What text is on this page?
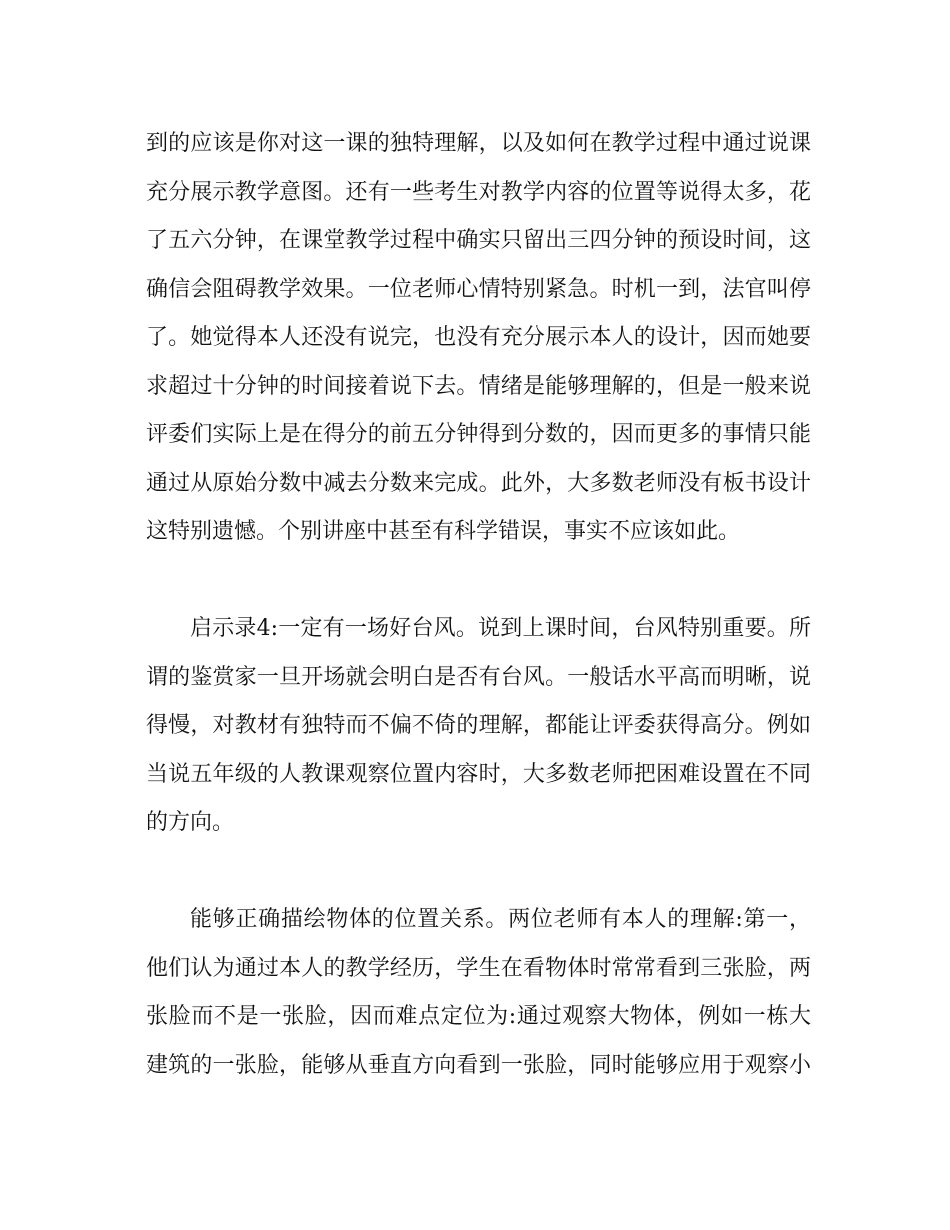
到的应该是你对这一课的独特理解，以及如何在教学过程中通过说课
充分展示教学意图。还有一些考生对教学内容的位置等说得太多，花
了五六分钟，在课堂教学过程中确实只留出三四分钟的预设时间，这
确信会阻碍教学效果。一位老师心情特别紧急。时机一到，法官叫停
了。她觉得本人还没有说完，也没有充分展示本人的设计，因而她要
求超过十分钟的时间接着说下去。情绪是能够理解的，但是一般来说
评委们实际上是在得分的前五分钟得到分数的，因而更多的事情只能
通过从原始分数中减去分数来完成。此外，大多数老师没有板书设计
这特别遗憾。个别讲座中甚至有科学错误，事实不应该如此。
启示录4:一定有一场好台风。说到上课时间，台风特别重要。所
谓的鉴赏家一旦开场就会明白是否有台风。一般话水平高而明晰，说
得慢，对教材有独特而不偏不倚的理解，都能让评委获得高分。例如
当说五年级的人教课观察位置内容时，大多数老师把困难设置在不同
的方向。
能够正确描绘物体的位置关系。两位老师有本人的理解:第一，
他们认为通过本人的教学经历，学生在看物体时常常看到三张脸，两
张脸而不是一张脸，因而难点定位为:通过观察大物体，例如一栋大
建筑的一张脸，能够从垂直方向看到一张脸，同时能够应用于观察小
